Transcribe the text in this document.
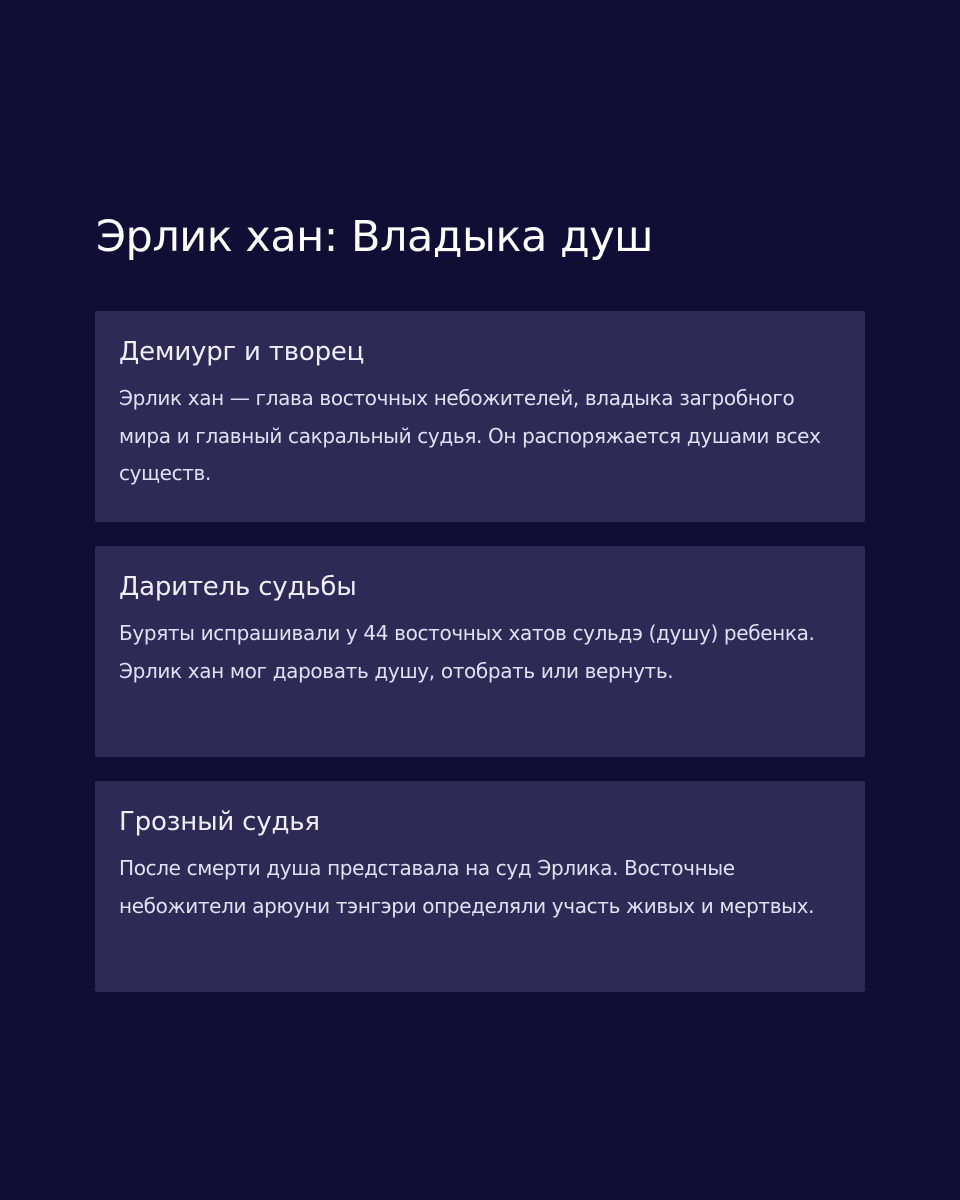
Эрлик хан: Владыка душ
Демиург и творец

Эрлик хан — глава восточных небожителей, владыка загробного мира и главный сакральный судья. Он распоряжается душами всех существ.

Даритель судьбы

Буряты испрашивали у 44 восточных хатов сульдэ (душу) ребенка. Эрлик хан мог даровать душу, отобрать или вернуть.

Грозный судья

После смерти душа представала на суд Эрлика. Восточные небожители арюуни тэнгэри определяли участь живых и мертвых.
